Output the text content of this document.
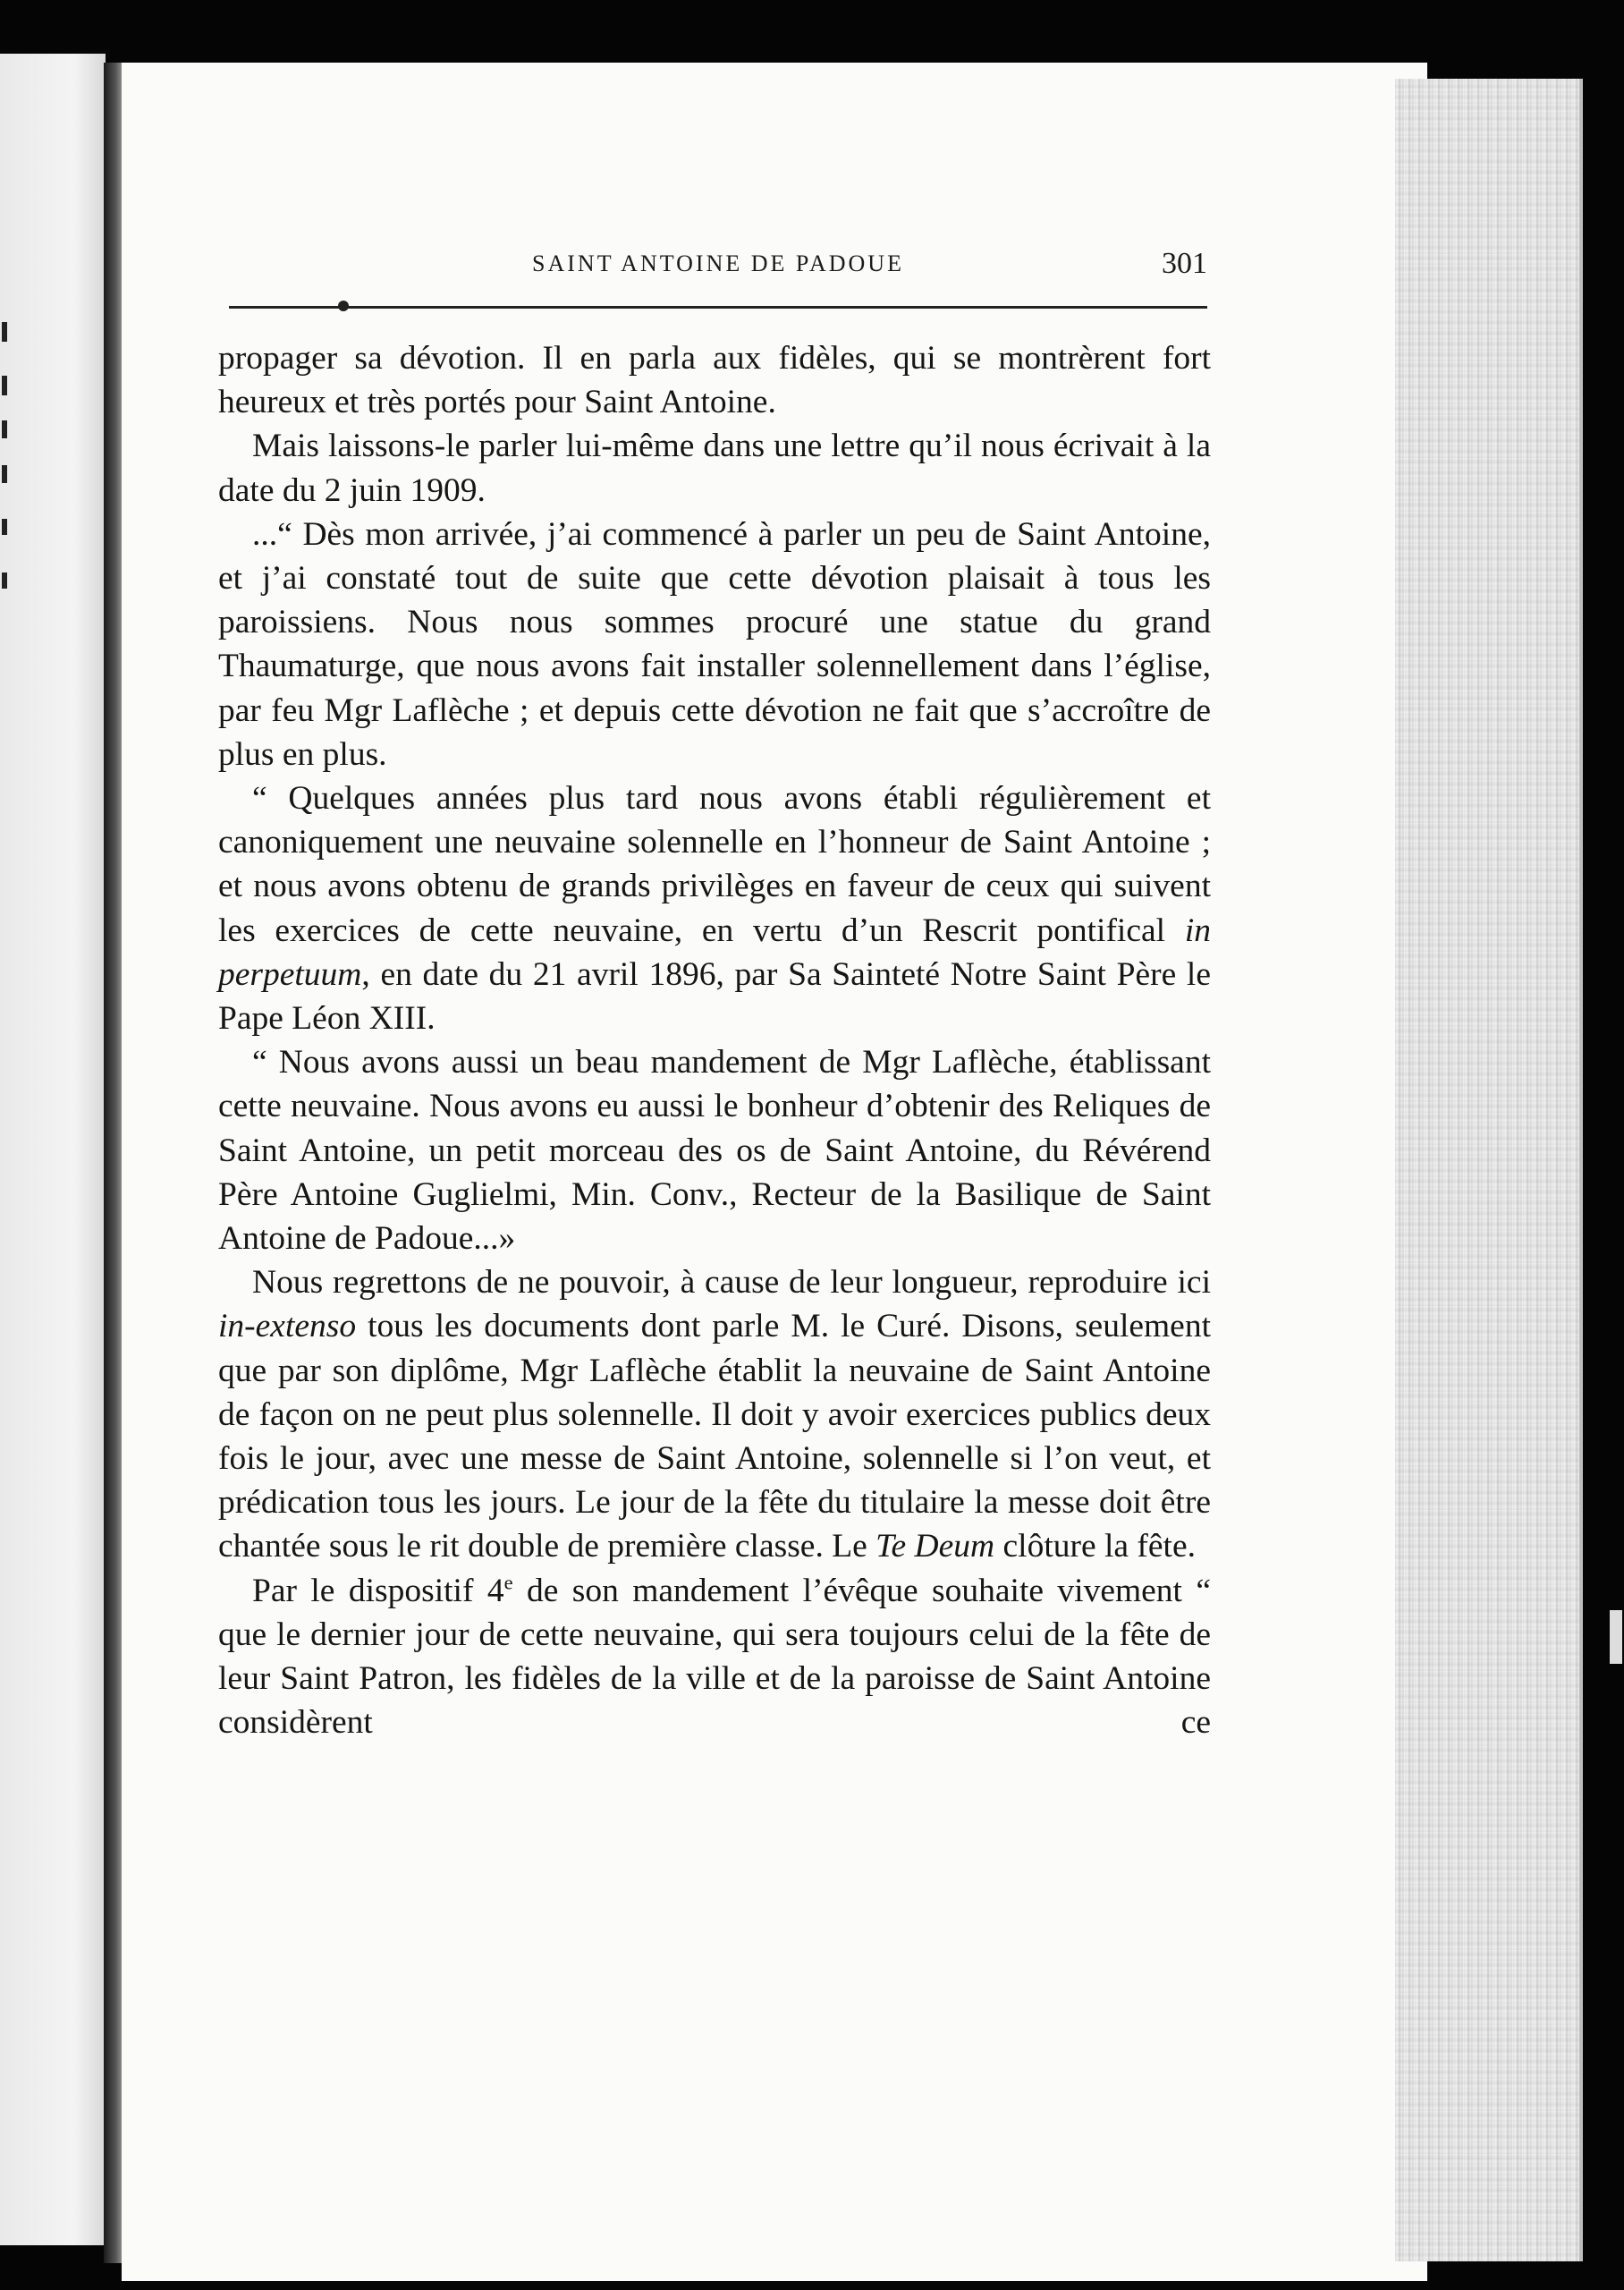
SAINT ANTOINE DE PADOUE	301

propager sa dévotion. Il en parla aux fidèles, qui se montrèrent fort heureux et très portés pour Saint Antoine.

Mais laissons-le parler lui-même dans une lettre qu’il nous écrivait à la date du 2 juin 1909.

...“ Dès mon arrivée, j’ai commencé à parler un peu de Saint Antoine, et j’ai constaté tout de suite que cette dévotion plaisait à tous les paroissiens. Nous nous sommes procuré une statue du grand Thaumaturge, que nous avons fait installer solennellement dans l’église, par feu Mgr Laflèche ; et depuis cette dévotion ne fait que s’accroître de plus en plus.

“ Quelques années plus tard nous avons établi régulièrement et canoniquement une neuvaine solennelle en l’honneur de Saint Antoine ; et nous avons obtenu de grands privilèges en faveur de ceux qui suivent les exercices de cette neuvaine, en vertu d’un Rescrit pontifical in perpetuum, en date du 21 avril 1896, par Sa Sainteté Notre Saint Père le Pape Léon XIII.

“ Nous avons aussi un beau mandement de Mgr Laflèche, établissant cette neuvaine. Nous avons eu aussi le bonheur d’obtenir des Reliques de Saint Antoine, un petit morceau des os de Saint Antoine, du Révérend Père Antoine Guglielmi, Min. Conv., Recteur de la Basilique de Saint Antoine de Padoue...»

Nous regrettons de ne pouvoir, à cause de leur longueur, reproduire ici in-extenso tous les documents dont parle M. le Curé. Disons, seulement que par son diplôme, Mgr Laflèche établit la neuvaine de Saint Antoine de façon on ne peut plus solennelle. Il doit y avoir exercices publics deux fois le jour, avec une messe de Saint Antoine, solennelle si l’on veut, et prédication tous les jours. Le jour de la fête du titulaire la messe doit être chantée sous le rit double de première classe. Le Te Deum clôture la fête.

Par le dispositif 4e de son mandement l’évêque souhaite vivement “ que le dernier jour de cette neuvaine, qui sera toujours celui de la fête de leur Saint Patron, les fidèles de la ville et de la paroisse de Saint Antoine considèrent ce
